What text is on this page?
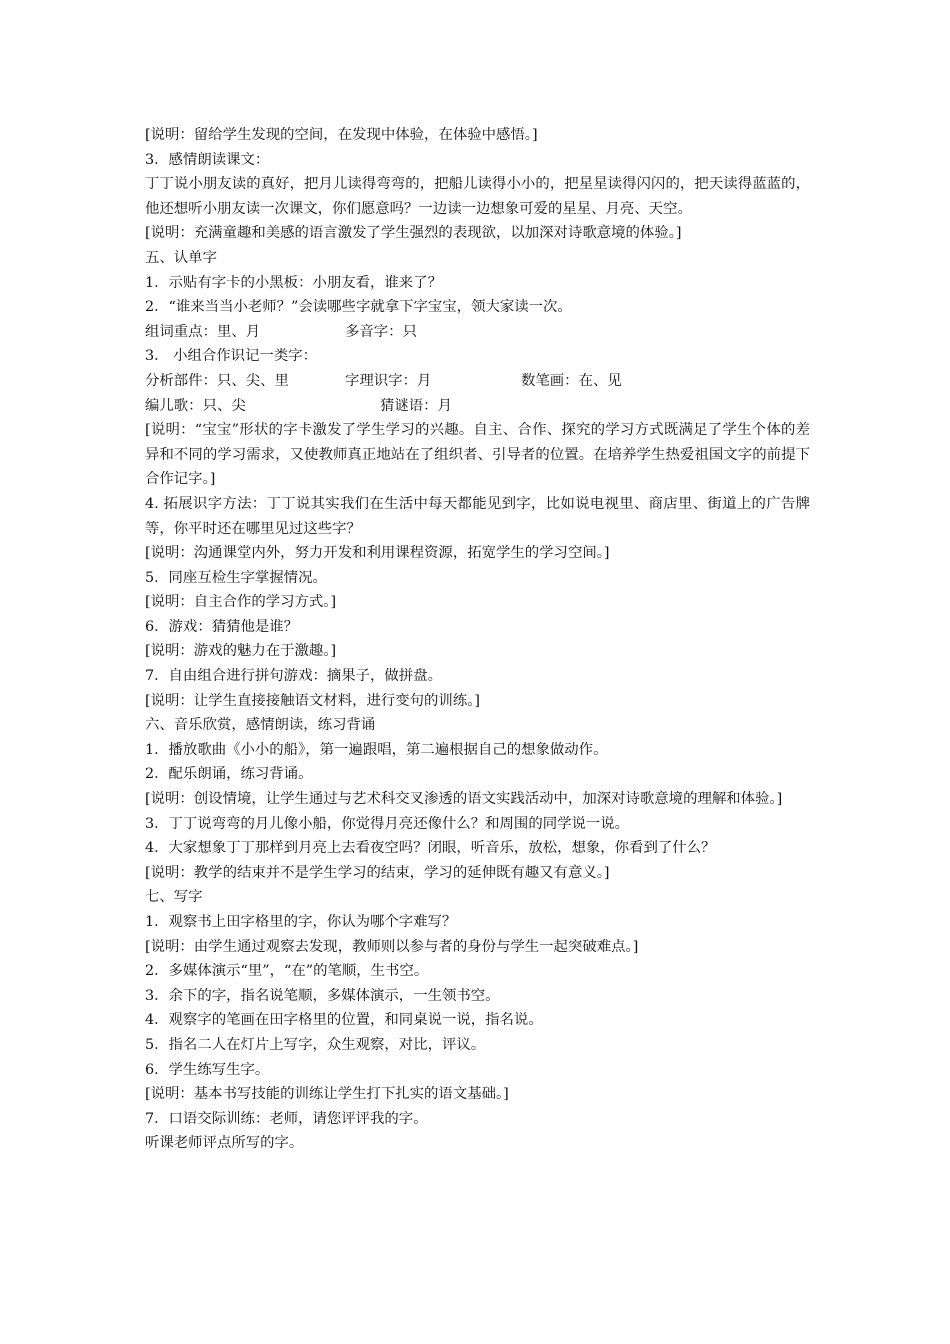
[说明：留给学生发现的空间，在发现中体验，在体验中感悟。]

3．感情朗读课文：

丁丁说小朋友读的真好，把月儿读得弯弯的，把船儿读得小小的，把星星读得闪闪的，把天读得蓝蓝的，他还想听小朋友读一次课文，你们愿意吗？一边读一边想象可爱的星星、月亮、天空。

[说明：充满童趣和美感的语言激发了学生强烈的表现欲，以加深对诗歌意境的体验。]

五、认单字

1．示贴有字卡的小黑板：小朋友看，谁来了？

2．“谁来当当小老师？”会读哪些字就拿下字宝宝，领大家读一次。

组词重点：里、月	多音字：只

3． 小组合作识记一类字：

分析部件：只、尖、里	字理识字：月	数笔画：在、见
编儿歌：只、尖	猜谜语：月

[说明：“宝宝”形状的字卡激发了学生学习的兴趣。自主、合作、探究的学习方式既满足了学生个体的差异和不同的学习需求，又使教师真正地站在了组织者、引导者的位置。在培养学生热爱祖国文字的前提下合作记字。]

4. 拓展识字方法：丁丁说其实我们在生活中每天都能见到字，比如说电视里、商店里、街道上的广告牌等，你平时还在哪里见过这些字？

[说明：沟通课堂内外，努力开发和利用课程资源，拓宽学生的学习空间。]

5．同座互检生字掌握情况。

[说明：自主合作的学习方式。]

6．游戏：猜猜他是谁？

[说明：游戏的魅力在于激趣。]

7．自由组合进行拼句游戏：摘果子，做拼盘。

[说明：让学生直接接触语文材料，进行变句的训练。]

六、音乐欣赏，感情朗读，练习背诵

1．播放歌曲《小小的船》，第一遍跟唱，第二遍根据自己的想象做动作。

2．配乐朗诵，练习背诵。

[说明：创设情境，让学生通过与艺术科交叉渗透的语文实践活动中，加深对诗歌意境的理解和体验。]

3．丁丁说弯弯的月儿像小船，你觉得月亮还像什么？和周围的同学说一说。

4．大家想象丁丁那样到月亮上去看夜空吗？闭眼，听音乐，放松，想象，你看到了什么？

[说明：教学的结束并不是学生学习的结束，学习的延伸既有趣又有意义。]

七、写字

1．观察书上田字格里的字，你认为哪个字难写？

[说明：由学生通过观察去发现，教师则以参与者的身份与学生一起突破难点。]

2．多媒体演示“里”，“在”的笔顺，生书空。

3．余下的字，指名说笔顺，多媒体演示，一生领书空。

4．观察字的笔画在田字格里的位置，和同桌说一说，指名说。

5．指名二人在灯片上写字，众生观察，对比，评议。

6．学生练写生字。

[说明：基本书写技能的训练让学生打下扎实的语文基础。]

7．口语交际训练：老师，请您评评我的字。

听课老师评点所写的字。
